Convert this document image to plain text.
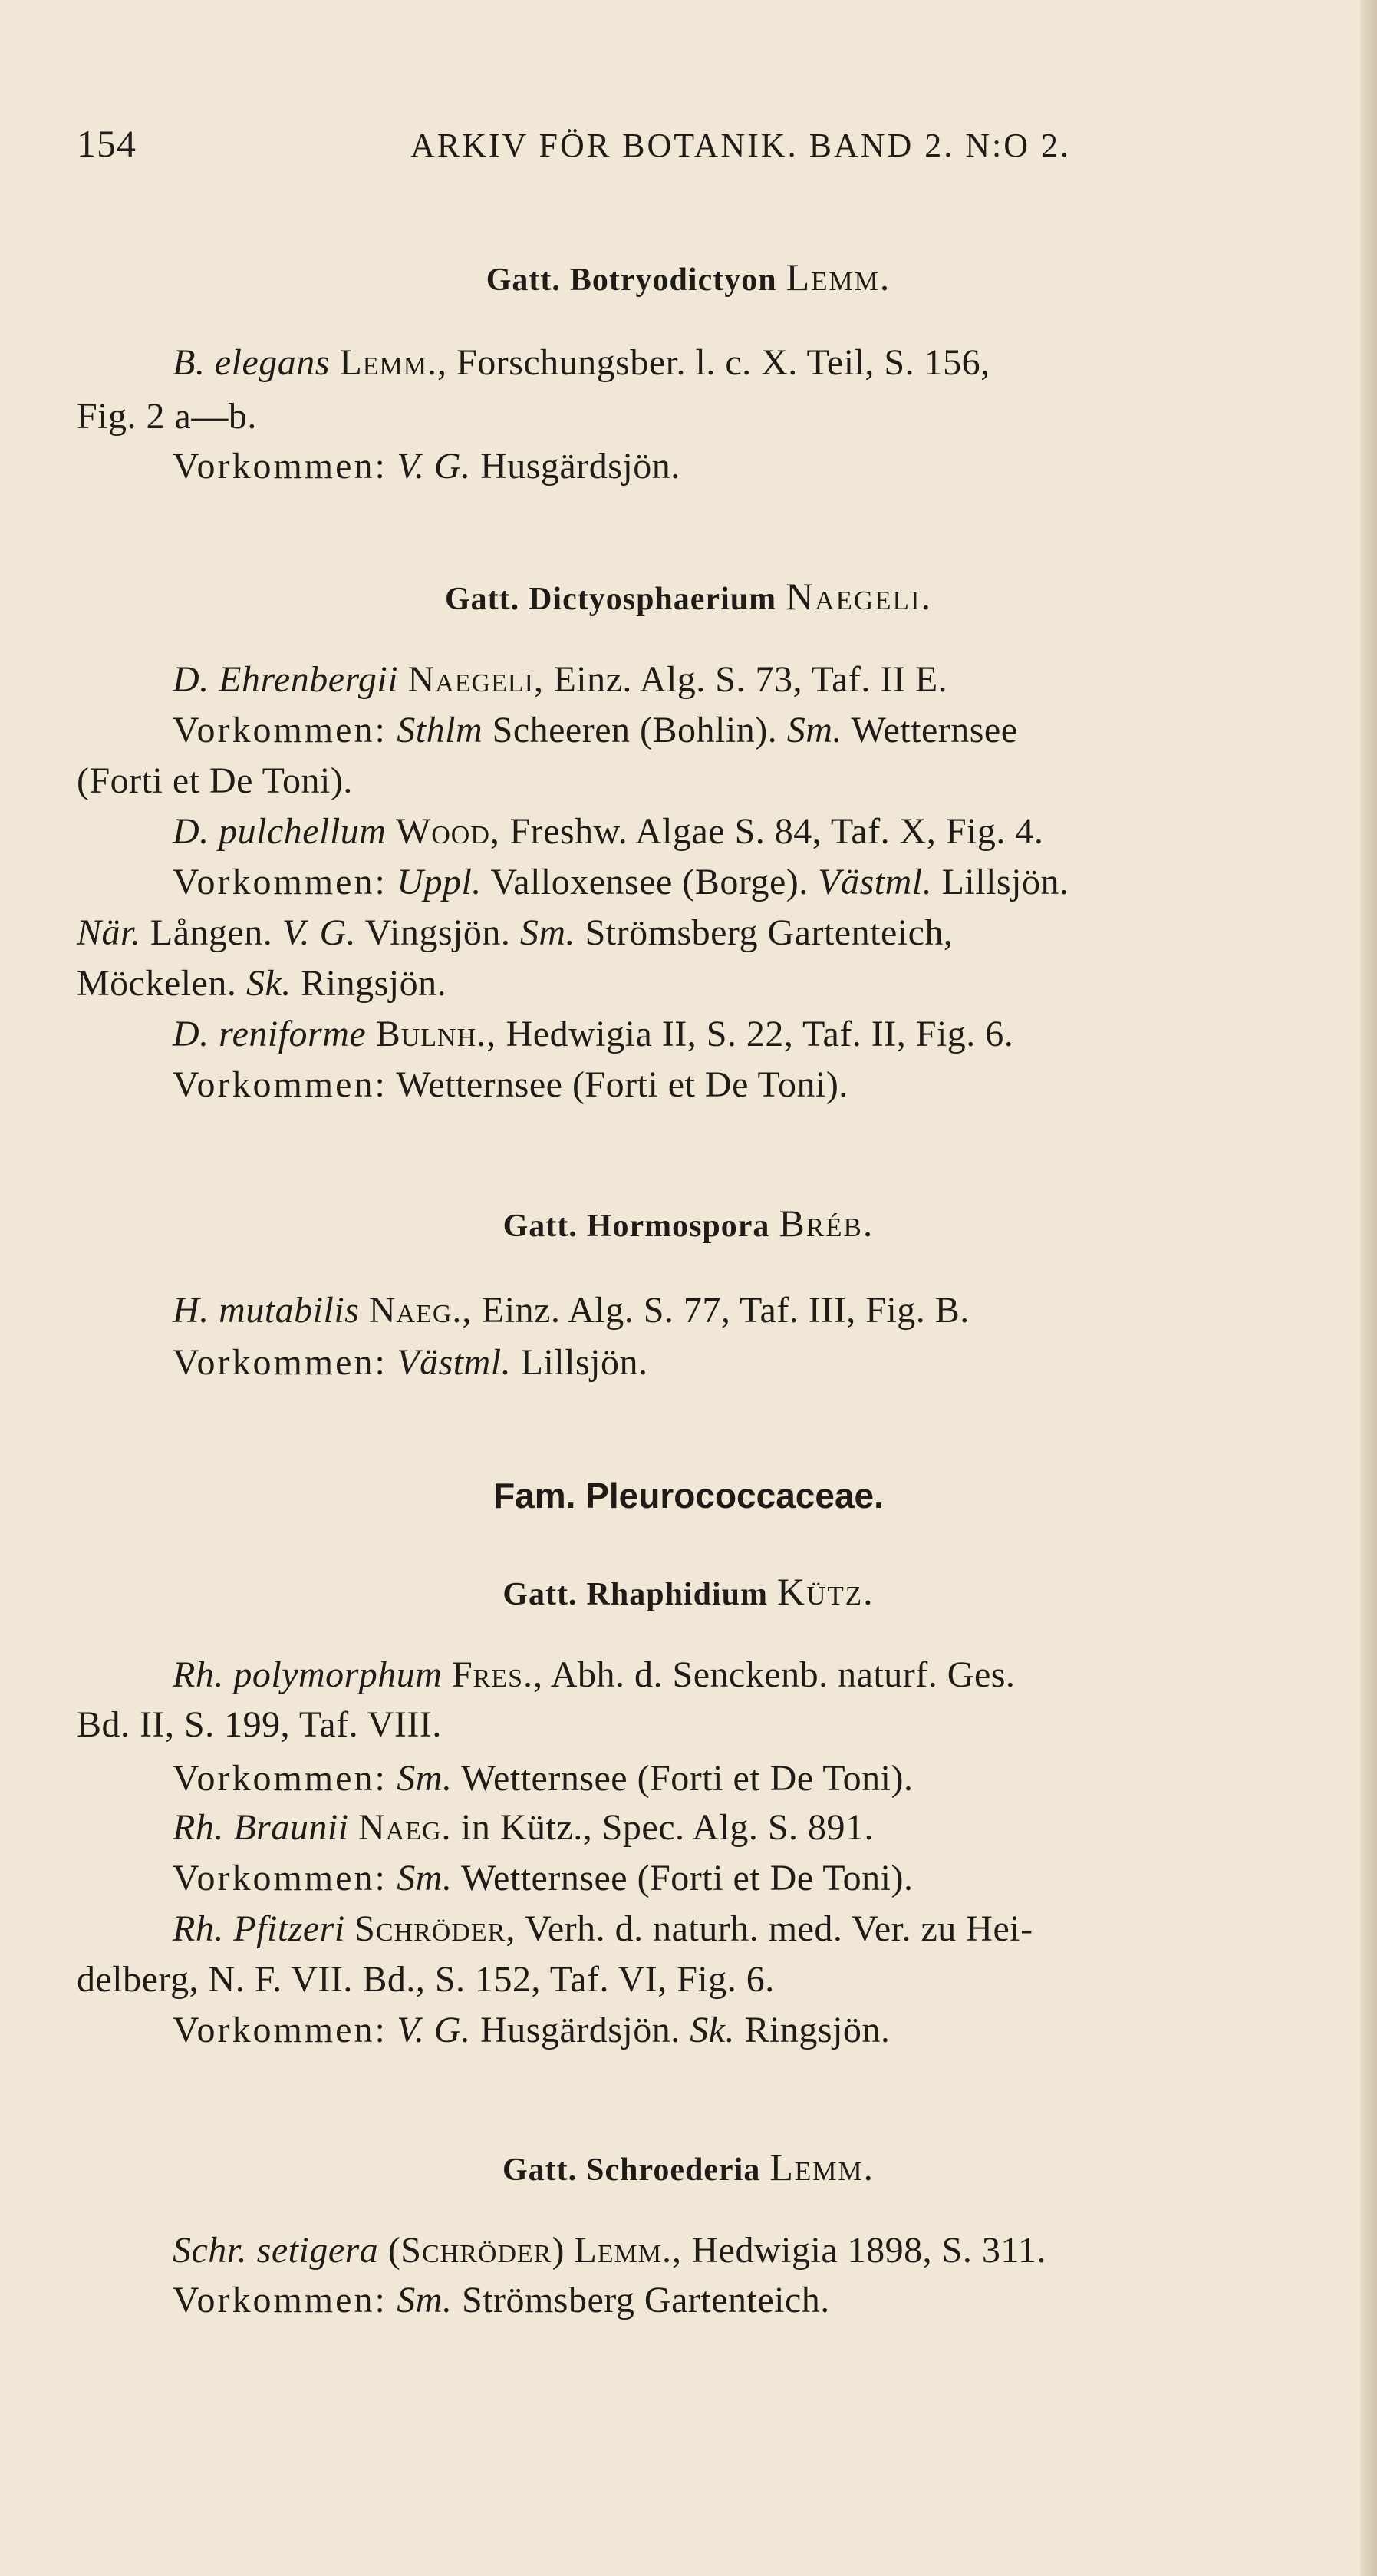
154	ARKIV FÖR BOTANIK. BAND 2. N:O 2.
Gatt. Botryodictyon Lemm.
B. elegans Lemm., Forschungsber. l. c. X. Teil, S. 156,
Fig. 2 a—b.
Vorkommen: V. G. Husgärdsjön.
Gatt. Dictyosphaerium Naegeli.
D. Ehrenbergii Naegeli, Einz. Alg. S. 73, Taf. II E.
Vorkommen: Sthlm Scheeren (Bohlin). Sm. Wetternsee
(Forti et De Toni).
D. pulchellum Wood, Freshw. Algae S. 84, Taf. X, Fig. 4.
Vorkommen: Uppl. Valloxensee (Borge). Västml. Lillsjön.
När. Lången. V. G. Vingsjön. Sm. Strömsberg Gartenteich,
Möckelen. Sk. Ringsjön.
D. reniforme Bulnh., Hedwigia II, S. 22, Taf. II, Fig. 6.
Vorkommen: Wetternsee (Forti et De Toni).
Gatt. Hormospora Bréb.
H. mutabilis Naeg., Einz. Alg. S. 77, Taf. III, Fig. B.
Vorkommen: Västml. Lillsjön.
Fam. Pleurococcaceae.
Gatt. Rhaphidium Kütz.
Rh. polymorphum Fres., Abh. d. Senckenb. naturf. Ges.
Bd. II, S. 199, Taf. VIII.
Vorkommen: Sm. Wetternsee (Forti et De Toni).
Rh. Braunii Naeg. in Kütz., Spec. Alg. S. 891.
Vorkommen: Sm. Wetternsee (Forti et De Toni).
Rh. Pfitzeri Schröder, Verh. d. naturh. med. Ver. zu Hei-
delberg, N. F. VII. Bd., S. 152, Taf. VI, Fig. 6.
Vorkommen: V. G. Husgärdsjön. Sk. Ringsjön.
Gatt. Schroederia Lemm.
Schr. setigera (Schröder) Lemm., Hedwigia 1898, S. 311.
Vorkommen: Sm. Strömsberg Gartenteich.
